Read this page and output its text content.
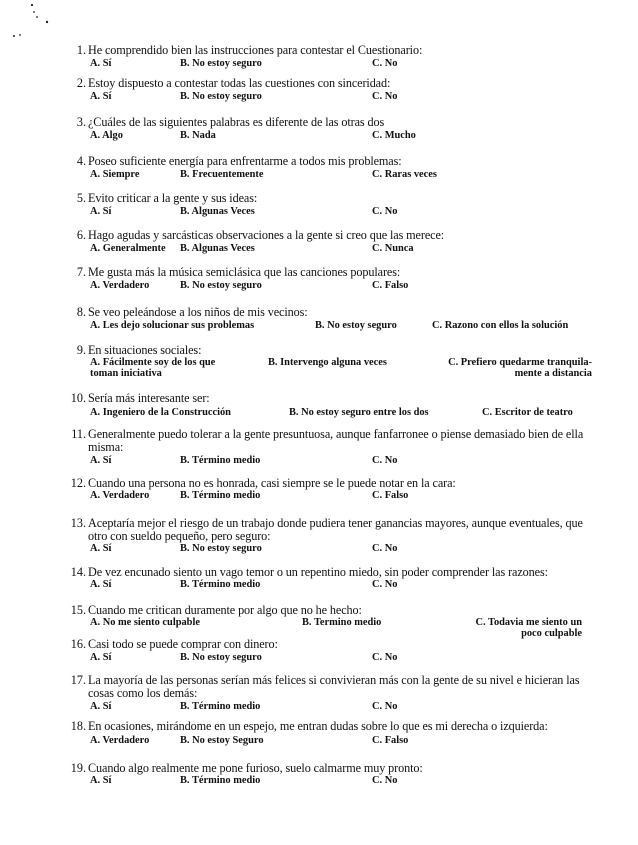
1. He comprendido bien las instrucciones para contestar el Cuestionario:
A. Sí	B. No estoy seguro	C. No
2. Estoy dispuesto a contestar todas las cuestiones con sinceridad:
A. Sí	B. No estoy seguro	C. No
3. ¿Cuáles de las siguientes palabras es diferente de las otras dos
A. Algo	B. Nada	C. Mucho
4. Poseo suficiente energía para enfrentarme a todos mis problemas:
A. Siempre	B. Frecuentemente	C. Raras veces
5. Evito criticar a la gente y sus ideas:
A. Sí	B. Algunas Veces	C. No
6. Hago agudas y sarcásticas observaciones a la gente si creo que las merece:
A. Generalmente B. Algunas Veces	C. Nunca
7. Me gusta más la música semiclásica que las canciones populares:
A. Verdadero	B. No estoy seguro	C. Falso
8. Se veo peleándose a los niños de mis vecinos:
A. Les dejo solucionar sus problemas	B. No estoy seguro	C. Razono con ellos la solución
9. En situaciones sociales:
A. Fácilmente soy de los que toman iniciativa
B. Intervengo alguna veces	C. Prefiero quedarme tranquila-mente a distancia
10. Sería más interesante ser:
A. Ingeniero de la Construcción	B. No estoy seguro entre los dos	C. Escritor de teatro
11. Generalmente puedo tolerar a la gente presuntuosa, aunque fanfarronee o piense demasiado bien de ella misma:
A. Sí	B. Término medio	C. No
12. Cuando una persona no es honrada, casi siempre se le puede notar en la cara:
A. Verdadero	B. Término medio	C. Falso
13. Aceptaría mejor el riesgo de un trabajo donde pudiera tener ganancias mayores, aunque eventuales, que otro con sueldo pequeño, pero seguro:
A. Sí	B. No estoy seguro	C. No
14. De vez encunado siento un vago temor o un repentino miedo, sin poder comprender las razones:
A. Sí	B. Término medio	C. No
15. Cuando me critican duramente por algo que no he hecho:
A. No me siento culpable	B. Termino medio	C. Todavia me siento un poco culpable
16. Casi todo se puede comprar con dinero:
A. Sí	B. No estoy seguro	C. No
17. La mayoría de las personas serían más felices si convivieran más con la gente de su nivel e hicieran las cosas como los demás:
A. Sí	B. Término medio	C. No
18. En ocasiones, mirándome en un espejo, me entran dudas sobre lo que es mi derecha o izquierda:
A. Verdadero	B. No estoy Seguro	C. Falso
19. Cuando algo realmente me pone furioso, suelo calmarme muy pronto:
A. Sí	B. Término medio	C. No
